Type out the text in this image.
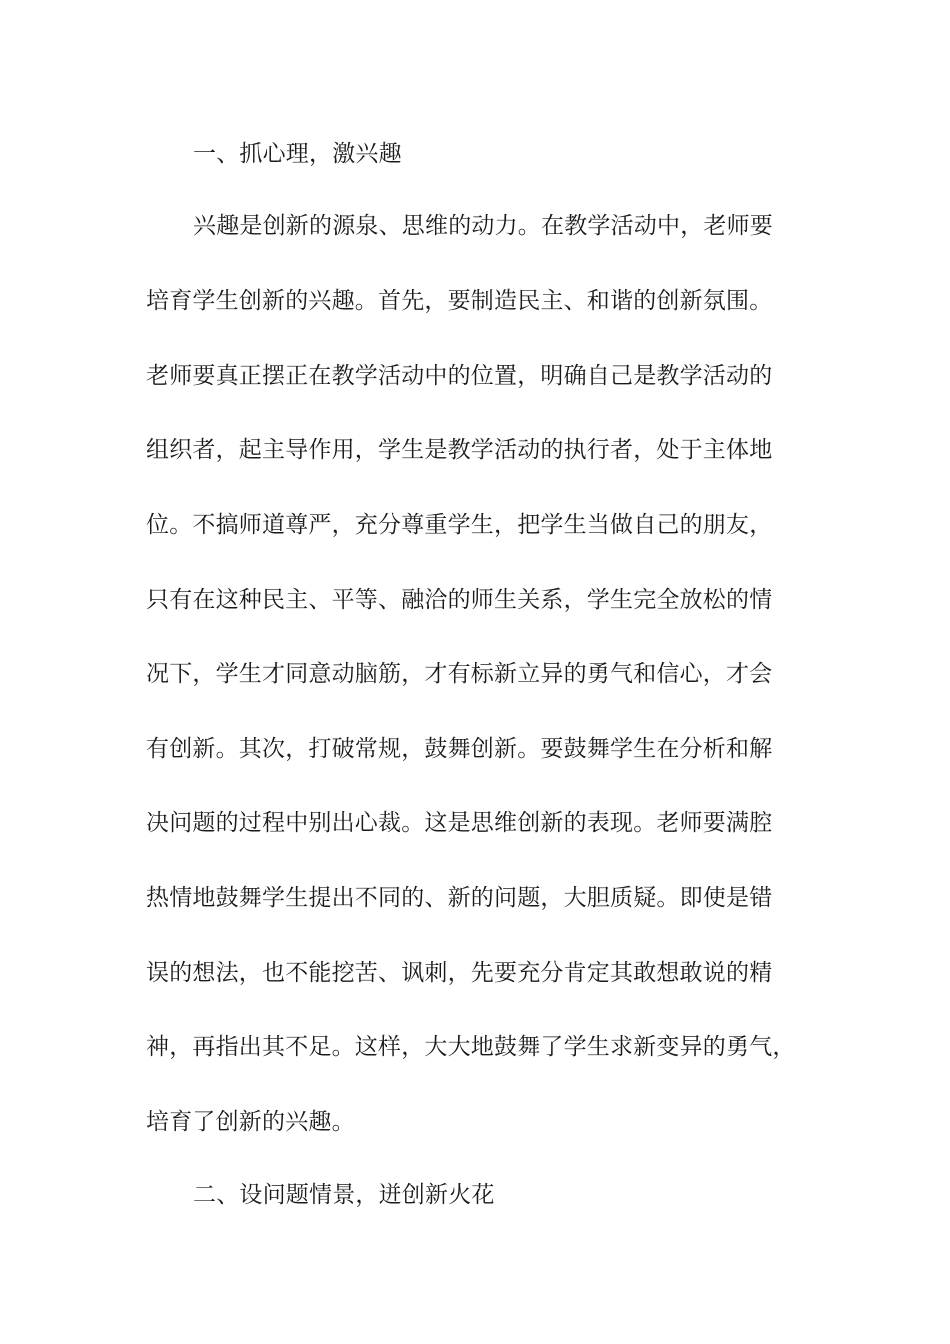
一、抓心理，激兴趣
兴趣是创新的源泉、思维的动力。在教学活动中，老师要
培育学生创新的兴趣。首先，要制造民主、和谐的创新氛围。
老师要真正摆正在教学活动中的位置，明确自己是教学活动的
组织者，起主导作用，学生是教学活动的执行者，处于主体地
位。不搞师道尊严，充分尊重学生，把学生当做自己的朋友，
只有在这种民主、平等、融洽的师生关系，学生完全放松的情
况下，学生才同意动脑筋，才有标新立异的勇气和信心，才会
有创新。其次，打破常规，鼓舞创新。要鼓舞学生在分析和解
决问题的过程中别出心裁。这是思维创新的表现。老师要满腔
热情地鼓舞学生提出不同的、新的问题，大胆质疑。即使是错
误的想法，也不能挖苦、讽刺，先要充分肯定其敢想敢说的精
神，再指出其不足。这样，大大地鼓舞了学生求新变异的勇气，
培育了创新的兴趣。
二、设问题情景，迸创新火花
